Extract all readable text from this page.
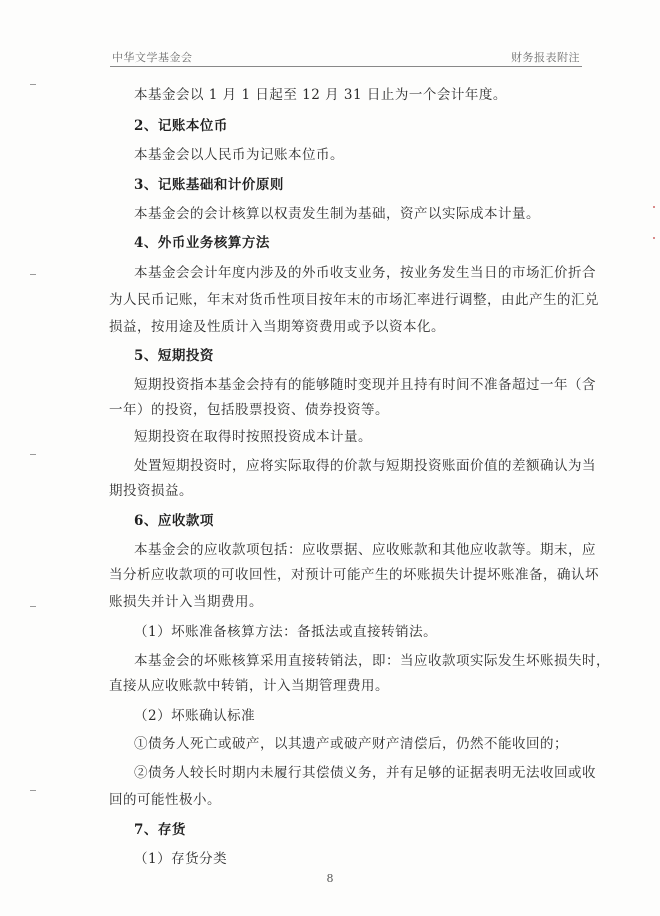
中华文学基金会	财务报表附注
本基金会以 1 月 1 日起至 12 月 31 日止为一个会计年度。
2、记账本位币
本基金会以人民币为记账本位币。
3、记账基础和计价原则
本基金会的会计核算以权责发生制为基础，资产以实际成本计量。
4、外币业务核算方法
本基金会会计年度内涉及的外币收支业务，按业务发生当日的市场汇价折合
为人民币记账，年末对货币性项目按年末的市场汇率进行调整，由此产生的汇兑
损益，按用途及性质计入当期筹资费用或予以资本化。
5、短期投资
短期投资指本基金会持有的能够随时变现并且持有时间不准备超过一年（含
一年）的投资，包括股票投资、债券投资等。
短期投资在取得时按照投资成本计量。
处置短期投资时，应将实际取得的价款与短期投资账面价值的差额确认为当
期投资损益。
6、应收款项
本基金会的应收款项包括：应收票据、应收账款和其他应收款等。期末，应
当分析应收款项的可收回性，对预计可能产生的坏账损失计提坏账准备，确认坏
账损失并计入当期费用。
（1）坏账准备核算方法：备抵法或直接转销法。
本基金会的坏账核算采用直接转销法，即：当应收款项实际发生坏账损失时，
直接从应收账款中转销，计入当期管理费用。
（2）坏账确认标准
①债务人死亡或破产，以其遗产或破产财产清偿后，仍然不能收回的；
②债务人较长时期内未履行其偿债义务，并有足够的证据表明无法收回或收
回的可能性极小。
7、存货
（1）存货分类
8
